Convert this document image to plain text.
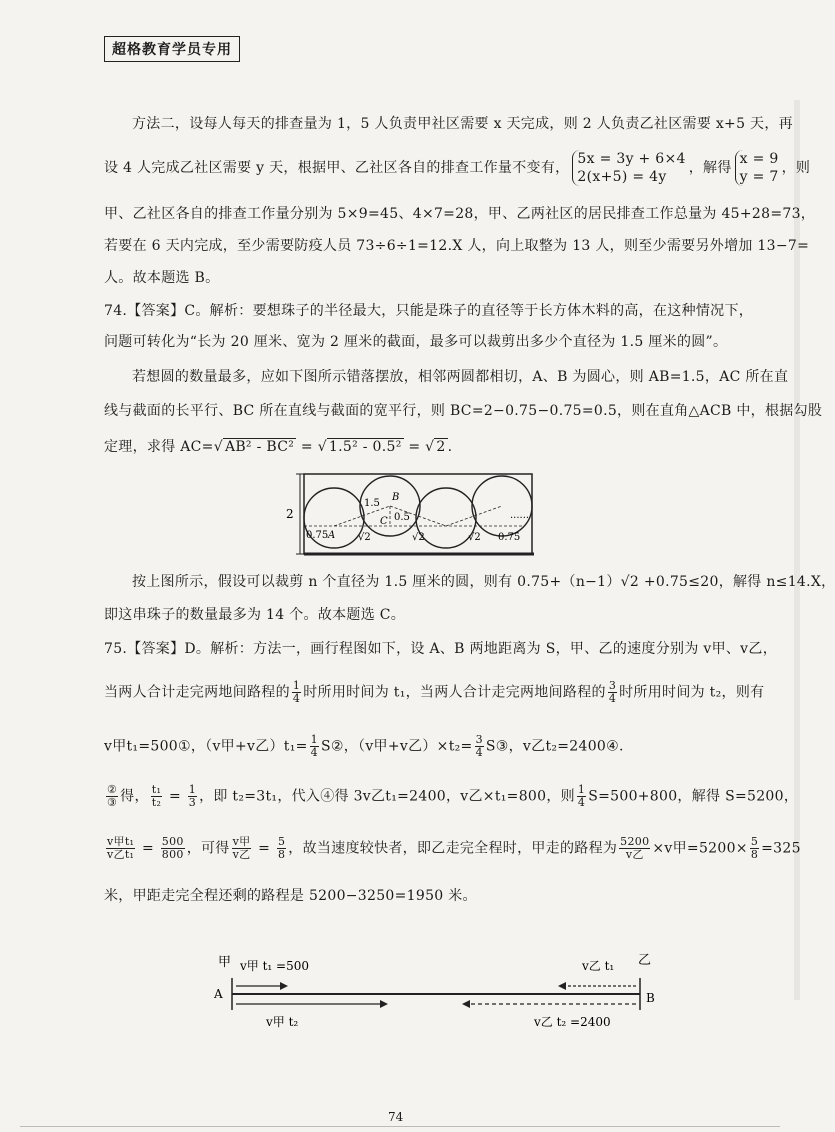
超格教育学员专用
方法二，设每人每天的排查量为 1，5 人负责甲社区需要 x 天完成，则 2 人负责乙社区需要 x+5 天，再
设 4 人完成乙社区需要 y 天，根据甲、乙社区各自的排查工作量不变有，
5x = 3y + 6×4
2(x+5) = 4y
，解得
x = 9
y = 7
，则
甲、乙社区各自的排查工作量分别为 5×9=45、4×7=28，甲、乙两社区的居民排查工作总量为 45+28=73，
若要在 6 天内完成，至少需要防疫人员 73÷6÷1=12.X 人，向上取整为 13 人，则至少需要另外增加 13−7=
人。故本题选 B。
74.【答案】C。解析：要想珠子的半径最大，只能是珠子的直径等于长方体木料的高，在这种情况下，
问题可转化为“长为 20 厘米、宽为 2 厘米的截面，最多可以裁剪出多少个直径为 1.5 厘米的圆”。
若想圆的数量最多，应如下图所示错落摆放，相邻两圆都相切，A、B 为圆心，则 AB=1.5，AC 所在直
线与截面的长平行、BC 所在直线与截面的宽平行，则 BC=2−0.75−0.75=0.5，则在直角△ACB 中，根据勾股
定理，求得 AC=√ AB² - BC² = √ 1.5² - 0.5² = √ 2 .
2
1.5
B
C 0.5
0.75 A √2	√2	√2 0.75
......
按上图所示，假设可以裁剪 n 个直径为 1.5 厘米的圆，则有 0.75+（n−1）√2 +0.75≤20，解得 n≤14.X，
即这串珠子的数量最多为 14 个。故本题选 C。
75.【答案】D。解析：方法一，画行程图如下，设 A、B 两地距离为 S，甲、乙的速度分别为 v甲、v乙，
当两人合计走完两地间路程的 $\frac{1}{4}$ 时所用时间为 t₁，当两人合计走完两地间路程的 $\frac{3}{4}$ 时所用时间为 t₂，则有
v甲t₁=500①，（v甲+v乙）$t_1= \frac{1}{4}$ S②，（v甲+v乙）$\times t_2= \frac{3}{4}$ S③，v乙t₂=2400④.
$\frac{\text{②}}{\text{③}}$ 得， $\frac{\text{t₁}}{\text{t₂}} = \frac{1}{3}$ ，即 t₂=3t₁，代入④得 3v乙t₁=2400，v乙×t₁=800，则 $\frac{1}{4} S=500+800$，解得 S=5200，
$\frac{\text{v甲t₁}}{\text{v乙t₁}} = \frac{500}{800}$ ，可得 $\frac{\text{v甲}}{\text{v乙}} = \frac{5}{8}$ ，故当速度较快者，即乙走完全程时，甲走的路程为 $\frac{5200}{\text{v乙}} \times v$甲$=5200\times \frac{5}{8} =325$
米，甲距走完全程还剩的路程是 5200−3250=1950 米。
甲 v甲 t₁ =500	v乙 t₁ 乙
A	B
v甲 t₂	v乙 t₂ =2400
74
